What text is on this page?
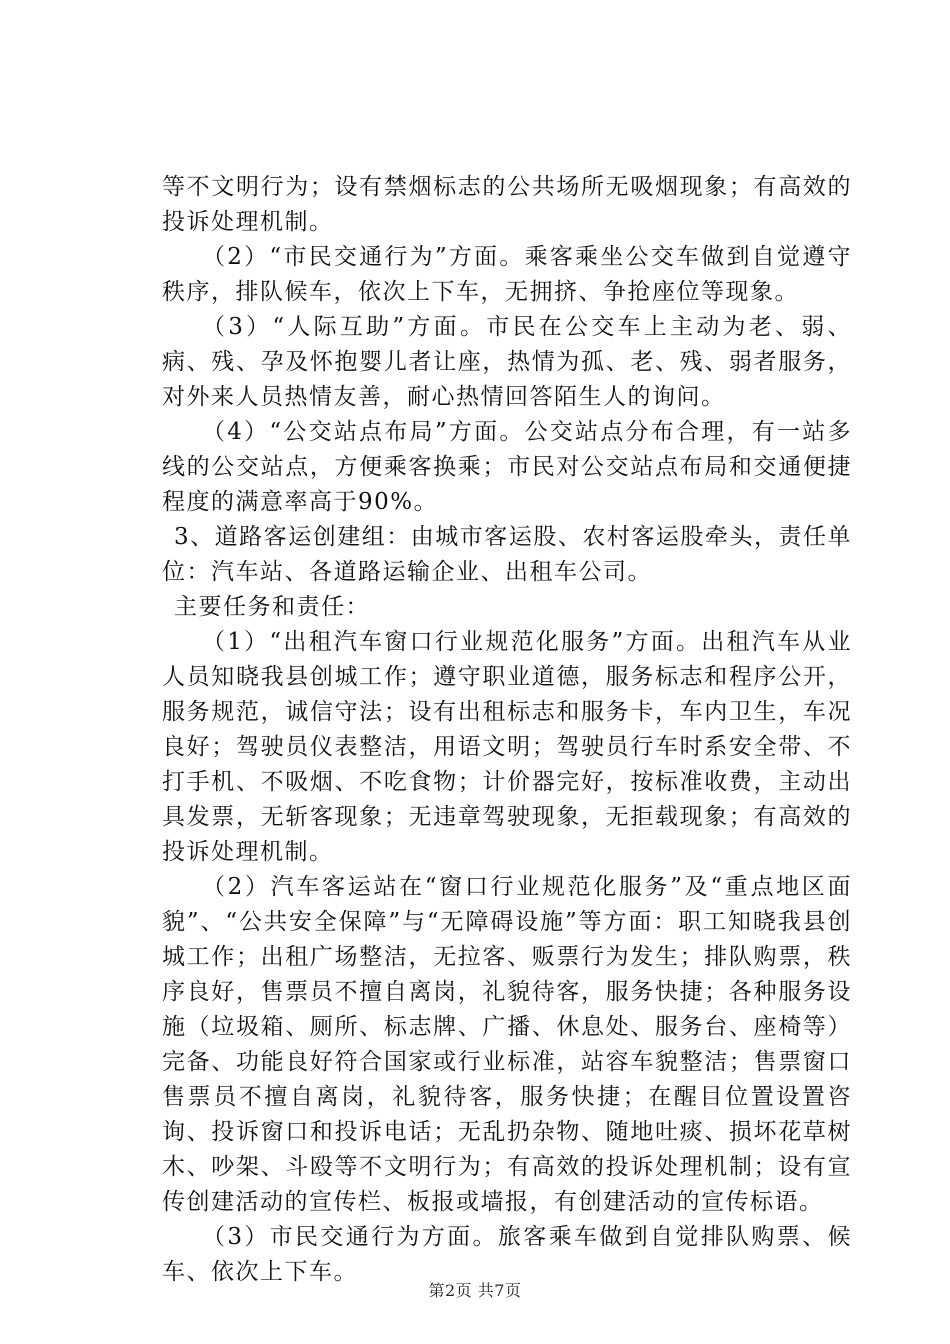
等不文明行为；设有禁烟标志的公共场所无吸烟现象；有高效的投诉处理机制。

（2）“市民交通行为”方面。乘客乘坐公交车做到自觉遵守秩序，排队候车，依次上下车，无拥挤、争抢座位等现象。

（3）“人际互助”方面。市民在公交车上主动为老、弱、病、残、孕及怀抱婴儿者让座，热情为孤、老、残、弱者服务，对外来人员热情友善，耐心热情回答陌生人的询问。

（4）“公交站点布局”方面。公交站点分布合理，有一站多线的公交站点，方便乘客换乘；市民对公交站点布局和交通便捷程度的满意率高于90%。

3、道路客运创建组：由城市客运股、农村客运股牵头，责任单位：汽车站、各道路运输企业、出租车公司。

主要任务和责任：

（1）“出租汽车窗口行业规范化服务”方面。出租汽车从业人员知晓我县创城工作；遵守职业道德，服务标志和程序公开，服务规范，诚信守法；设有出租标志和服务卡，车内卫生，车况良好；驾驶员仪表整洁，用语文明；驾驶员行车时系安全带、不打手机、不吸烟、不吃食物；计价器完好，按标准收费，主动出具发票，无斩客现象；无违章驾驶现象，无拒载现象；有高效的投诉处理机制。

（2）汽车客运站在“窗口行业规范化服务”及“重点地区面貌”、“公共安全保障”与“无障碍设施”等方面：职工知晓我县创城工作；出租广场整洁，无拉客、贩票行为发生；排队购票，秩序良好，售票员不擅自离岗，礼貌待客，服务快捷；各种服务设施（垃圾箱、厕所、标志牌、广播、休息处、服务台、座椅等）完备、功能良好符合国家或行业标准，站容车貌整洁；售票窗口售票员不擅自离岗，礼貌待客，服务快捷；在醒目位置设置咨询、投诉窗口和投诉电话；无乱扔杂物、随地吐痰、损坏花草树木、吵架、斗殴等不文明行为；有高效的投诉处理机制；设有宣传创建活动的宣传栏、板报或墙报，有创建活动的宣传标语。

（3）市民交通行为方面。旅客乘车做到自觉排队购票、候车、依次上下车。

第2页 共7页
